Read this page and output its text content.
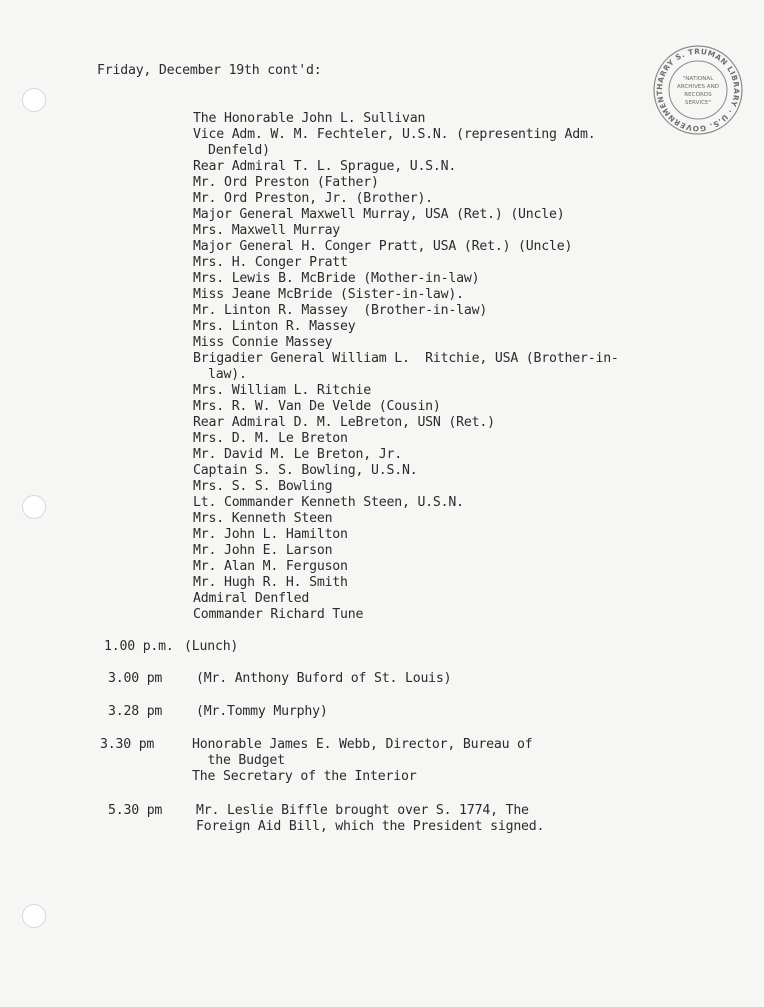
Friday, December 19th cont'd:
HARRY S. TRUMAN LIBRARY · U.S. GOVERNMENT
"NATIONAL
ARCHIVES AND
RECORDS
SERVICE"
The Honorable John L. Sullivan
Vice Adm. W. M. Fechteler, U.S.N. (representing Adm.
Denfeld)
Rear Admiral T. L. Sprague, U.S.N.
Mr. Ord Preston (Father)
Mr. Ord Preston, Jr. (Brother).
Major General Maxwell Murray, USA (Ret.) (Uncle)
Mrs. Maxwell Murray
Major General H. Conger Pratt, USA (Ret.) (Uncle)
Mrs. H. Conger Pratt
Mrs. Lewis B. McBride (Mother-in-law)
Miss Jeane McBride (Sister-in-law).
Mr. Linton R. Massey  (Brother-in-law)
Mrs. Linton R. Massey
Miss Connie Massey
Brigadier General William L.  Ritchie, USA (Brother-in-
law).
Mrs. William L. Ritchie
Mrs. R. W. Van De Velde (Cousin)
Rear Admiral D. M. LeBreton, USN (Ret.)
Mrs. D. M. Le Breton
Mr. David M. Le Breton, Jr.
Captain S. S. Bowling, U.S.N.
Mrs. S. S. Bowling
Lt. Commander Kenneth Steen, U.S.N.
Mrs. Kenneth Steen
Mr. John L. Hamilton
Mr. John E. Larson
Mr. Alan M. Ferguson
Mr. Hugh R. H. Smith
Admiral Denfled
Commander Richard Tune
1.00 p.m. (Lunch)
3.00 pm	(Mr. Anthony Buford of St. Louis)
3.28 pm	(Mr.Tommy Murphy)
3.30 pm	Honorable James E. Webb, Director, Bureau of
the Budget
The Secretary of the Interior
5.30 pm	Mr. Leslie Biffle brought over S. 1774, The
Foreign Aid Bill, which the President signed.
